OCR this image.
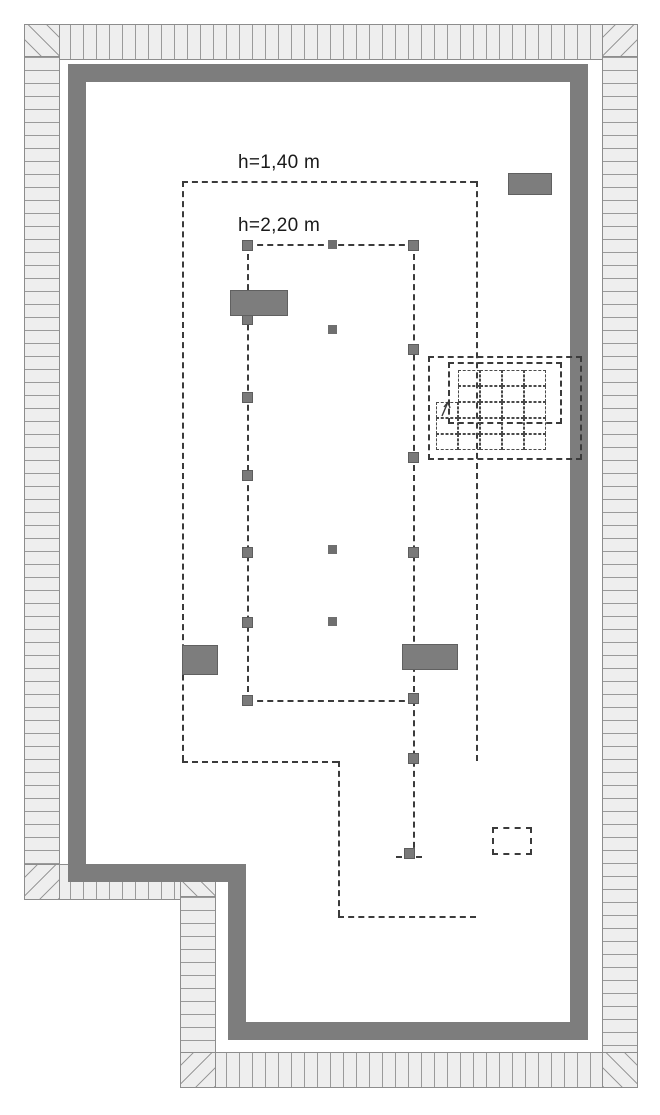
h=1,40 m
h=2,20 m
